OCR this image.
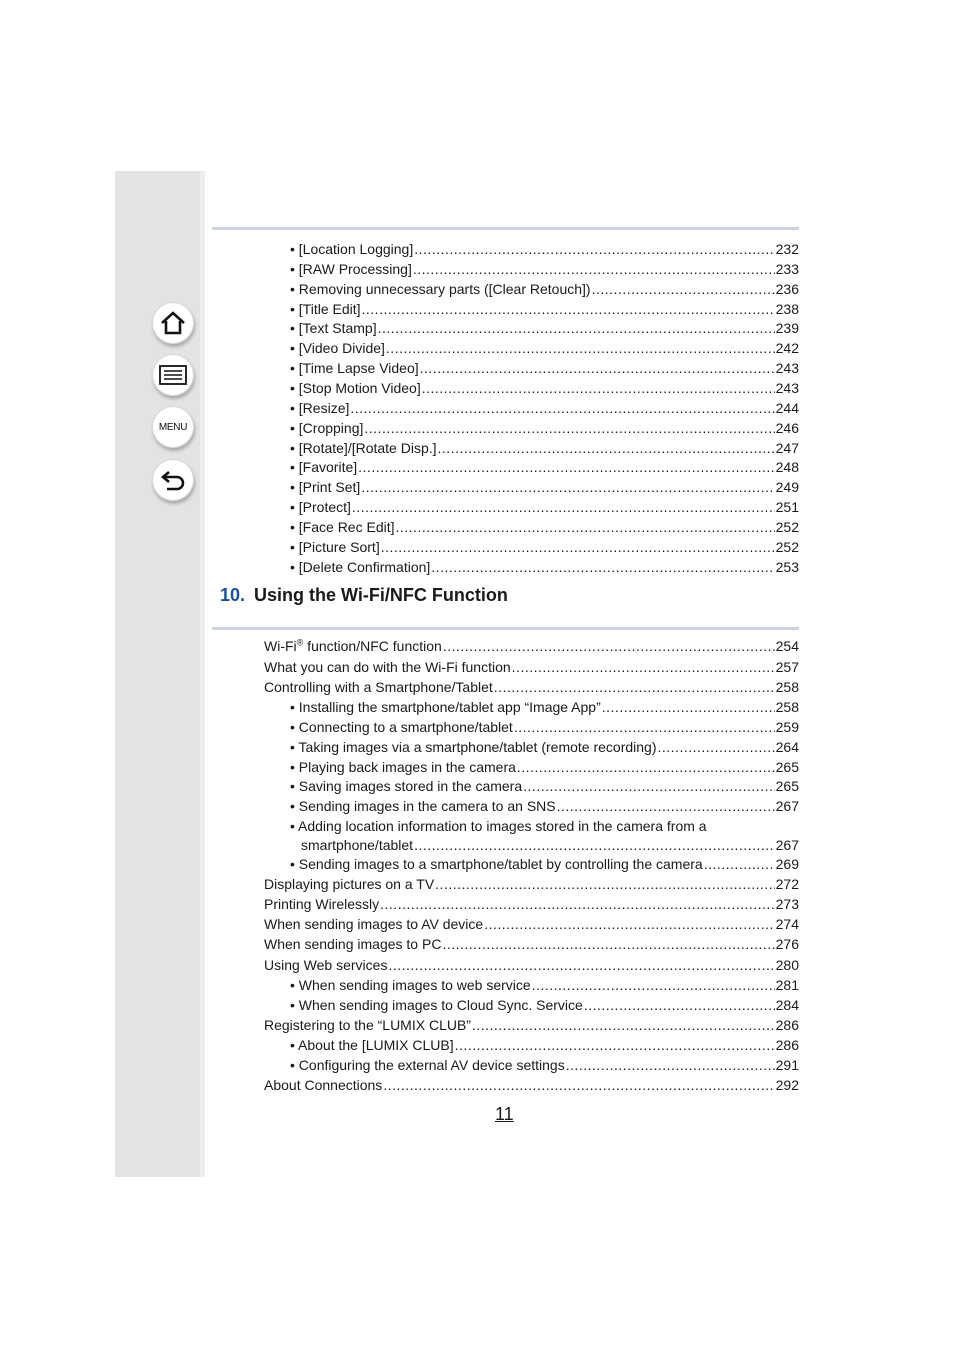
MENU
• [Location Logging] .....	232
• [RAW Processing] .....	233
• Removing unnecessary parts ([Clear Retouch]) .....	236
• [Title Edit] .....	238
• [Text Stamp] .....	239
• [Video Divide] .....	242
• [Time Lapse Video] .....	243
• [Stop Motion Video] .....	243
• [Resize] .....	244
• [Cropping] .....	246
• [Rotate]/[Rotate Disp.] .....	247
• [Favorite] .....	248
• [Print Set] .....	249
• [Protect] .....	251
• [Face Rec Edit] .....	252
• [Picture Sort] .....	252
• [Delete Confirmation] .....	253
10. Using the Wi-Fi/NFC Function
Wi-Fi® function/NFC function .....	254
What you can do with the Wi-Fi function .....	257
Controlling with a Smartphone/Tablet .....	258
• Installing the smartphone/tablet app “Image App” .....	258
• Connecting to a smartphone/tablet .....	259
• Taking images via a smartphone/tablet (remote recording) .....	264
• Playing back images in the camera .....	265
• Saving images stored in the camera .....	265
• Sending images in the camera to an SNS .....	267
• Adding location information to images stored in the camera from a
smartphone/tablet .....	267
• Sending images to a smartphone/tablet by controlling the camera .....	269
Displaying pictures on a TV .....	272
Printing Wirelessly .....	273
When sending images to AV device .....	274
When sending images to PC .....	276
Using Web services .....	280
• When sending images to web service .....	281
• When sending images to Cloud Sync. Service .....	284
Registering to the “LUMIX CLUB” .....	286
• About the [LUMIX CLUB] .....	286
• Configuring the external AV device settings .....	291
About Connections .....	292
11
